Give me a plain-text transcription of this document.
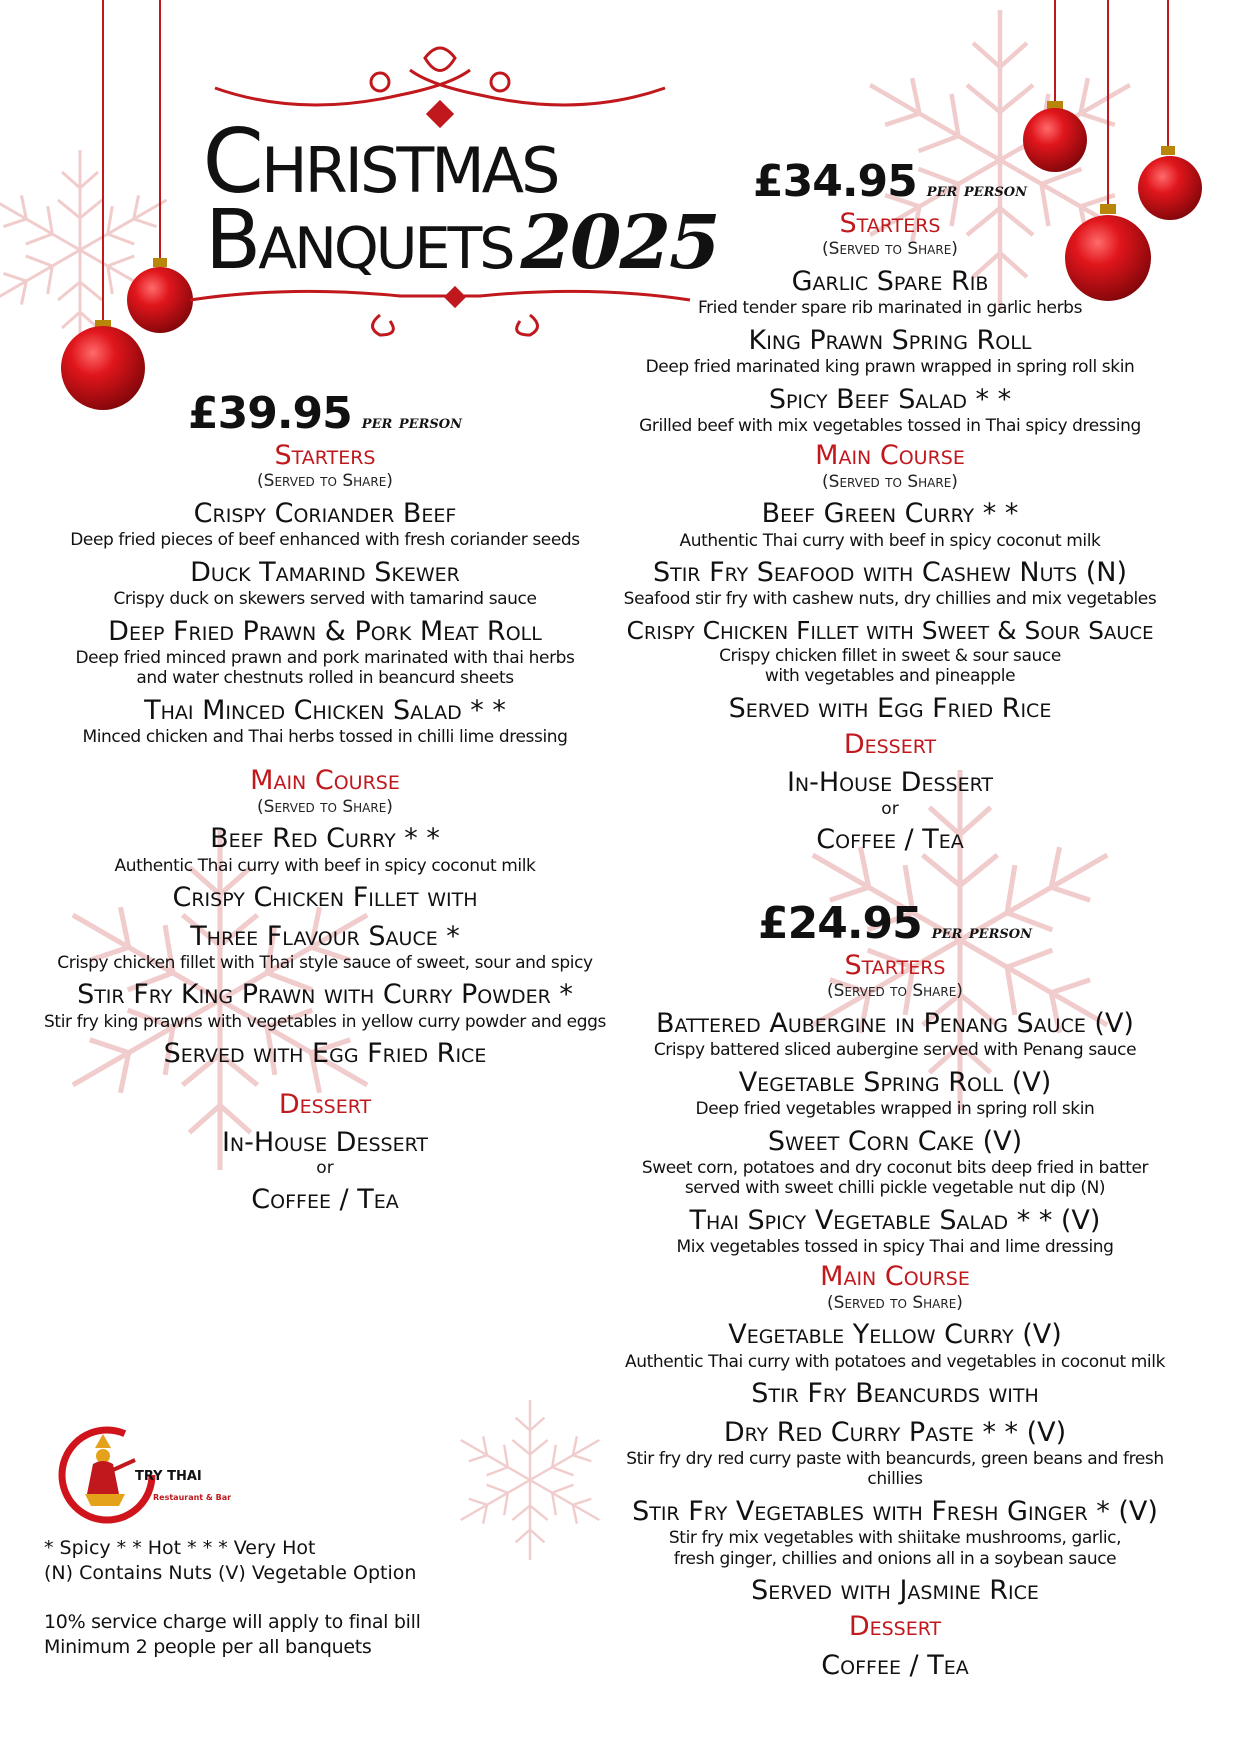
Christmas
Banquets 2025
£39.95 per person
Starters
(Served to Share)
Crispy Coriander Beef
Deep fried pieces of beef enhanced with fresh coriander seeds
Duck Tamarind Skewer
Crispy duck on skewers served with tamarind sauce
Deep Fried Prawn & Pork Meat Roll
Deep fried minced prawn and pork marinated with thai herbs
and water chestnuts rolled in beancurd sheets
Thai Minced Chicken Salad * *
Minced chicken and Thai herbs tossed in chilli lime dressing
Main Course
(Served to Share)
Beef Red Curry * *
Authentic Thai curry with beef in spicy coconut milk
Crispy Chicken Fillet with
Three Flavour Sauce *
Crispy chicken fillet with Thai style sauce of sweet, sour and spicy
Stir Fry King Prawn with Curry Powder *
Stir fry king prawns with vegetables in yellow curry powder and eggs
Served with Egg Fried Rice
Dessert
In-House Dessert
or
Coffee / Tea
£34.95 per person
Starters
(Served to Share)
Garlic Spare Rib
Fried tender spare rib marinated in garlic herbs
King Prawn Spring Roll
Deep fried marinated king prawn wrapped in spring roll skin
Spicy Beef Salad * *
Grilled beef with mix vegetables tossed in Thai spicy dressing
Main Course
(Served to Share)
Beef Green Curry * *
Authentic Thai curry with beef in spicy coconut milk
Stir Fry Seafood with Cashew Nuts (N)
Seafood stir fry with cashew nuts, dry chillies and mix vegetables
Crispy Chicken Fillet with Sweet & Sour Sauce
Crispy chicken fillet in sweet & sour sauce
with vegetables and pineapple
Served with Egg Fried Rice
Dessert
In-House Dessert
or
Coffee / Tea
£24.95 per person
Starters
(Served to Share)
Battered Aubergine in Penang Sauce (V)
Crispy battered sliced aubergine served with Penang sauce
Vegetable Spring Roll (V)
Deep fried vegetables wrapped in spring roll skin
Sweet Corn Cake (V)
Sweet corn, potatoes and dry coconut bits deep fried in batter
served with sweet chilli pickle vegetable nut dip (N)
Thai Spicy Vegetable Salad * * (V)
Mix vegetables tossed in spicy Thai and lime dressing
Main Course
(Served to Share)
Vegetable Yellow Curry (V)
Authentic Thai curry with potatoes and vegetables in coconut milk
Stir Fry Beancurds with
Dry Red Curry Paste * * (V)
Stir fry dry red curry paste with beancurds, green beans and fresh chillies
Stir Fry Vegetables with Fresh Ginger * (V)
Stir fry mix vegetables with shiitake mushrooms, garlic,
fresh ginger, chillies and onions all in a soybean sauce
Served with Jasmine Rice
Dessert
Coffee / Tea
TRY THAI
Restaurant & Bar
* Spicy * * Hot * * * Very Hot
(N) Contains Nuts (V) Vegetable Option
10% service charge will apply to final bill
Minimum 2 people per all banquets
